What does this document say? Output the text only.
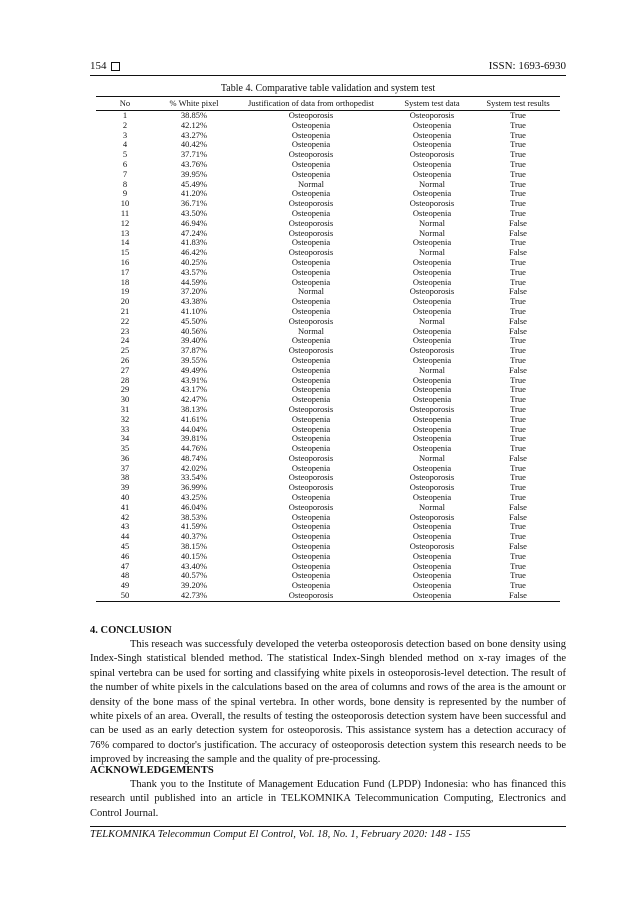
154	ISSN: 1693-6930
Table 4. Comparative table validation and system test
No	% White pixel	Justification of data from orthopedist	System test data	System test results
1	38.85%	Osteoporosis	Osteoporosis	True
2	42.12%	Osteopenia	Osteopenia	True
3	43.27%	Osteopenia	Osteopenia	True
4	40.42%	Osteopenia	Osteopenia	True
5	37.71%	Osteoporosis	Osteoporosis	True
6	43.76%	Osteopenia	Osteopenia	True
7	39.95%	Osteopenia	Osteopenia	True
8	45.49%	Normal	Normal	True
9	41.20%	Osteopenia	Osteopenia	True
10	36.71%	Osteoporosis	Osteoporosis	True
11	43.50%	Osteopenia	Osteopenia	True
12	46.94%	Osteoporosis	Normal	False
13	47.24%	Osteoporosis	Normal	False
14	41.83%	Osteopenia	Osteopenia	True
15	46.42%	Osteoporosis	Normal	False
16	40.25%	Osteopenia	Osteopenia	True
17	43.57%	Osteopenia	Osteopenia	True
18	44.59%	Osteopenia	Osteopenia	True
19	37.20%	Normal	Osteoporosis	False
20	43.38%	Osteopenia	Osteopenia	True
21	41.10%	Osteopenia	Osteopenia	True
22	45.50%	Osteoporosis	Normal	False
23	40.56%	Normal	Osteopenia	False
24	39.40%	Osteopenia	Osteopenia	True
25	37.87%	Osteoporosis	Osteoporosis	True
26	39.55%	Osteopenia	Osteopenia	True
27	49.49%	Osteopenia	Normal	False
28	43.91%	Osteopenia	Osteopenia	True
29	43.17%	Osteopenia	Osteopenia	True
30	42.47%	Osteopenia	Osteopenia	True
31	38.13%	Osteoporosis	Osteoporosis	True
32	41.61%	Osteopenia	Osteopenia	True
33	44.04%	Osteopenia	Osteopenia	True
34	39.81%	Osteopenia	Osteopenia	True
35	44.76%	Osteopenia	Osteopenia	True
36	48.74%	Osteoporosis	Normal	False
37	42.02%	Osteopenia	Osteopenia	True
38	33.54%	Osteoporosis	Osteoporosis	True
39	36.99%	Osteoporosis	Osteoporosis	True
40	43.25%	Osteopenia	Osteopenia	True
41	46.04%	Osteoporosis	Normal	False
42	38.53%	Osteopenia	Osteoporosis	False
43	41.59%	Osteopenia	Osteopenia	True
44	40.37%	Osteopenia	Osteopenia	True
45	38.15%	Osteopenia	Osteoporosis	False
46	40.15%	Osteopenia	Osteopenia	True
47	43.40%	Osteopenia	Osteopenia	True
48	40.57%	Osteopenia	Osteopenia	True
49	39.20%	Osteopenia	Osteopenia	True
50	42.73%	Osteoporosis	Osteopenia	False
4. CONCLUSION
This reseach was successfuly developed the veterba osteoporosis detection based on bone density using Index-Singh statistical blended method. The statistical Index-Singh blended method on x-ray images of the spinal vertebra can be used for sorting and classifying white pixels in osteoporosis-level detection. The result of the number of white pixels in the calculations based on the area of columns and rows of the area is the amount or density of the bone mass of the spinal vertebra. In other words, bone density is represented by the number of white pixels of an area. Overall, the results of testing the osteoporosis detection system have been successful and can be used as an early detection system for osteoporosis. This assistance system has a detection accuracy of 76% compared to doctor's justification. The accuracy of osteoporosis detection system this research needs to be improved by increasing the sample and the quality of pre-processing.
ACKNOWLEDGEMENTS
Thank you to the Institute of Management Education Fund (LPDP) Indonesia: who has financed this research until published into an article in TELKOMNIKA Telecommunication Computing, Electronics and Control Journal.
TELKOMNIKA Telecommun Comput El Control, Vol. 18, No. 1, February 2020: 148 - 155
